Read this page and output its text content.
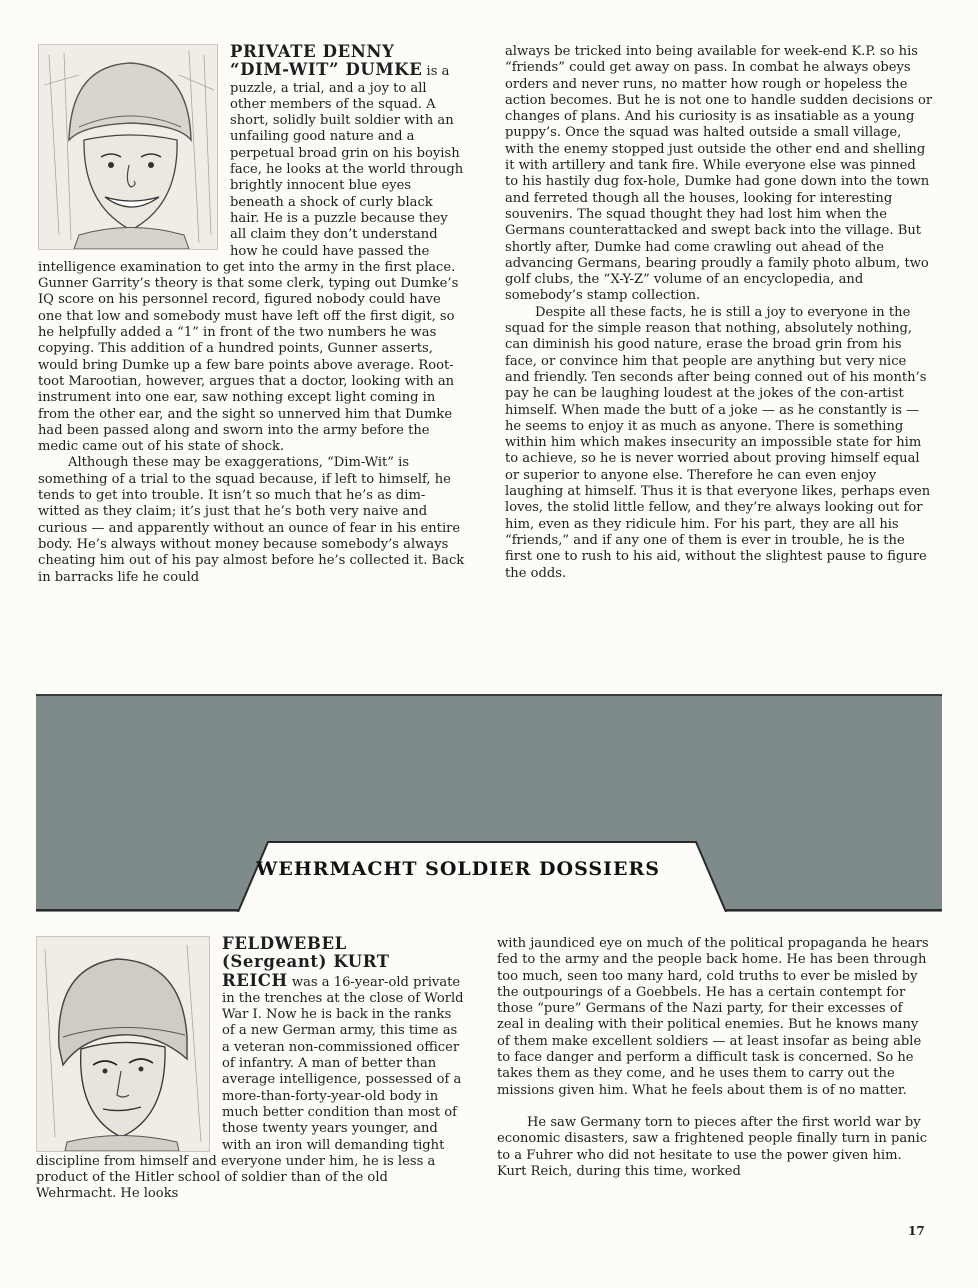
PRIVATE DENNY
“DIM-WIT” DUMKE is a puzzle, a trial, and a joy to all other members of the squad. A short, solidly built soldier with an unfailing good nature and a perpetual broad grin on his boyish face, he looks at the world through brightly innocent blue eyes beneath a shock of curly black hair. He is a puzzle because they all claim they don’t understand how he could have passed the intelligence examination to get into the army in the first place. Gunner Garrity’s theory is that some clerk, typing out Dumke’s IQ score on his personnel record, figured nobody could have one that low and somebody must have left off the first digit, so he helpfully added a “1” in front of the two numbers he was copying. This addition of a hundred points, Gunner asserts, would bring Dumke up a few bare points above average. Root-toot Marootian, however, argues that a doctor, looking with an instrument into one ear, saw nothing except light coming in from the other ear, and the sight so unnerved him that Dumke had been passed along and sworn into the army before the medic came out of his state of shock.

Although these may be exaggerations, “Dim-Wit” is something of a trial to the squad because, if left to himself, he tends to get into trouble. It isn’t so much that he’s as dim-witted as they claim; it’s just that he’s both very naive and curious — and apparently without an ounce of fear in his entire body. He’s always without money because somebody’s always cheating him out of his pay almost before he’s collected it. Back in barracks life he could

always be tricked into being available for week-end K.P. so his “friends” could get away on pass. In combat he always obeys orders and never runs, no matter how rough or hopeless the action becomes. But he is not one to handle sudden decisions or changes of plans. And his curiosity is as insatiable as a young puppy’s. Once the squad was halted outside a small village, with the enemy stopped just outside the other end and shelling it with artillery and tank fire. While everyone else was pinned to his hastily dug fox-hole, Dumke had gone down into the town and ferreted though all the houses, looking for interesting souvenirs. The squad thought they had lost him when the Germans counterattacked and swept back into the village. But shortly after, Dumke had come crawling out ahead of the advancing Germans, bearing proudly a family photo album, two golf clubs, the “X-Y-Z” volume of an encyclopedia, and somebody’s stamp collection.

Despite all these facts, he is still a joy to everyone in the squad for the simple reason that nothing, absolutely nothing, can diminish his good nature, erase the broad grin from his face, or convince him that people are anything but very nice and friendly. Ten seconds after being conned out of his month’s pay he can be laughing loudest at the jokes of the con-artist himself. When made the butt of a joke — as he constantly is — he seems to enjoy it as much as anyone. There is something within him which makes insecurity an impossible state for him to achieve, so he is never worried about proving himself equal or superior to anyone else. Therefore he can even enjoy laughing at himself. Thus it is that everyone likes, perhaps even loves, the stolid little fellow, and they’re always looking out for him, even as they ridicule him. For his part, they are all his “friends,” and if any one of them is ever in trouble, he is the first one to rush to his aid, without the slightest pause to figure the odds.

WEHRMACHT SOLDIER DOSSIERS

FELDWEBEL
(Sergeant) KURT
REICH was a 16-year-old private in the trenches at the close of World War I. Now he is back in the ranks of a new German army, this time as a veteran non-commissioned officer of infantry. A man of better than average intelligence, possessed of a more-than-forty-year-old body in much better condition than most of those twenty years younger, and with an iron will demanding tight discipline from himself and everyone under him, he is less a product of the Hitler school of soldier than of the old Wehrmacht. He looks

with jaundiced eye on much of the political propaganda he hears fed to the army and the people back home. He has been through too much, seen too many hard, cold truths to ever be misled by the outpourings of a Goebbels. He has a certain contempt for those “pure” Germans of the Nazi party, for their excesses of zeal in dealing with their political enemies. But he knows many of them make excellent soldiers — at least insofar as being able to face danger and perform a difficult task is concerned. So he takes them as they come, and he uses them to carry out the missions given him. What he feels about them is of no matter.

He saw Germany torn to pieces after the first world war by economic disasters, saw a frightened people finally turn in panic to a Fuhrer who did not hesitate to use the power given him. Kurt Reich, during this time, worked

17
